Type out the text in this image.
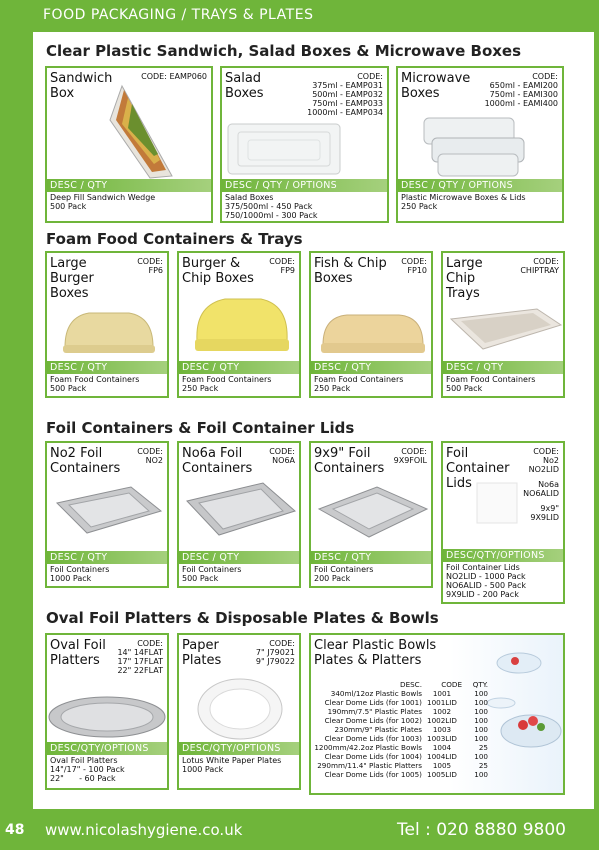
FOOD PACKAGING / TRAYS & PLATES
Clear Plastic Sandwich, Salad Boxes & Microwave Boxes
Foam Food Containers & Trays
Foil Containers & Foil Container Lids
Oval Foil Platters & Disposable Plates & Bowls
Sandwich Box
CODE: EAMP060
DESC / QTY
Deep Fill Sandwich Wedge
500 Pack
Salad Boxes
CODE:
375ml - EAMP031
500ml - EAMP032
750ml - EAMP033
1000ml - EAMP034
DESC / QTY / OPTIONS
Salad Boxes
375/500ml - 450 Pack
750/1000ml - 300 Pack
Microwave Boxes
CODE:
650ml - EAMI200
750ml - EAMI300
1000ml - EAMI400
DESC / QTY / OPTIONS
Plastic Microwave Boxes & Lids
250 Pack
Large Burger Boxes
CODE:
FP6
DESC / QTY
Foam Food Containers
500 Pack
Burger & Chip Boxes
CODE:
FP9
DESC / QTY
Foam Food Containers
250 Pack
Fish & Chip Boxes
CODE:
FP10
DESC / QTY
Foam Food Containers
250 Pack
Large Chip Trays
CODE:
CHIPTRAY
DESC / QTY
Foam Food Containers
500 Pack
No2 Foil Containers
CODE:
NO2
DESC / QTY
Foil Containers
1000 Pack
No6a Foil Containers
CODE:
NO6A
DESC / QTY
Foil Containers
500 Pack
9x9" Foil Containers
CODE:
9X9FOIL
DESC / QTY
Foil Containers
200 Pack
Foil Container Lids
CODE:
No2
NO2LID
No6a
NO6ALID
9x9"
9X9LID
DESC/QTY/OPTIONS
Foil Container Lids
NO2LID - 1000 Pack
NO6ALID - 500 Pack
9X9LID - 200 Pack
Oval Foil Platters
CODE:
14" 14FLAT
17" 17FLAT
22" 22FLAT
DESC/QTY/OPTIONS
Oval Foil Platters
14"/17" - 100 Pack
22"      - 60 Pack
Paper Plates
CODE:
7" J79021
9" J79022
DESC/QTY/OPTIONS
Lotus White Paper Plates
1000 Pack
Clear Plastic Bowls Plates & Platters
DESC.	CODE	QTY.
340ml/12oz Plastic Bowls	1001	100
Clear Dome Lids (for 1001) 1001LID	100
190mm/7.5" Plastic Plates	1002	100
Clear Dome Lids (for 1002) 1002LID	100
230mm/9" Plastic Plates	1003	100
Clear Dome Lids (for 1003) 1003LID	100
1200mm/42.2oz Plastic Bowls	1004	25
Clear Dome Lids (for 1004) 1004LID	100
290mm/11.4" Plastic Platters	1005	25
Clear Dome Lids (for 1005) 1005LID	100
48 www.nicolashygiene.co.uk	Tel : 020 8880 9800
